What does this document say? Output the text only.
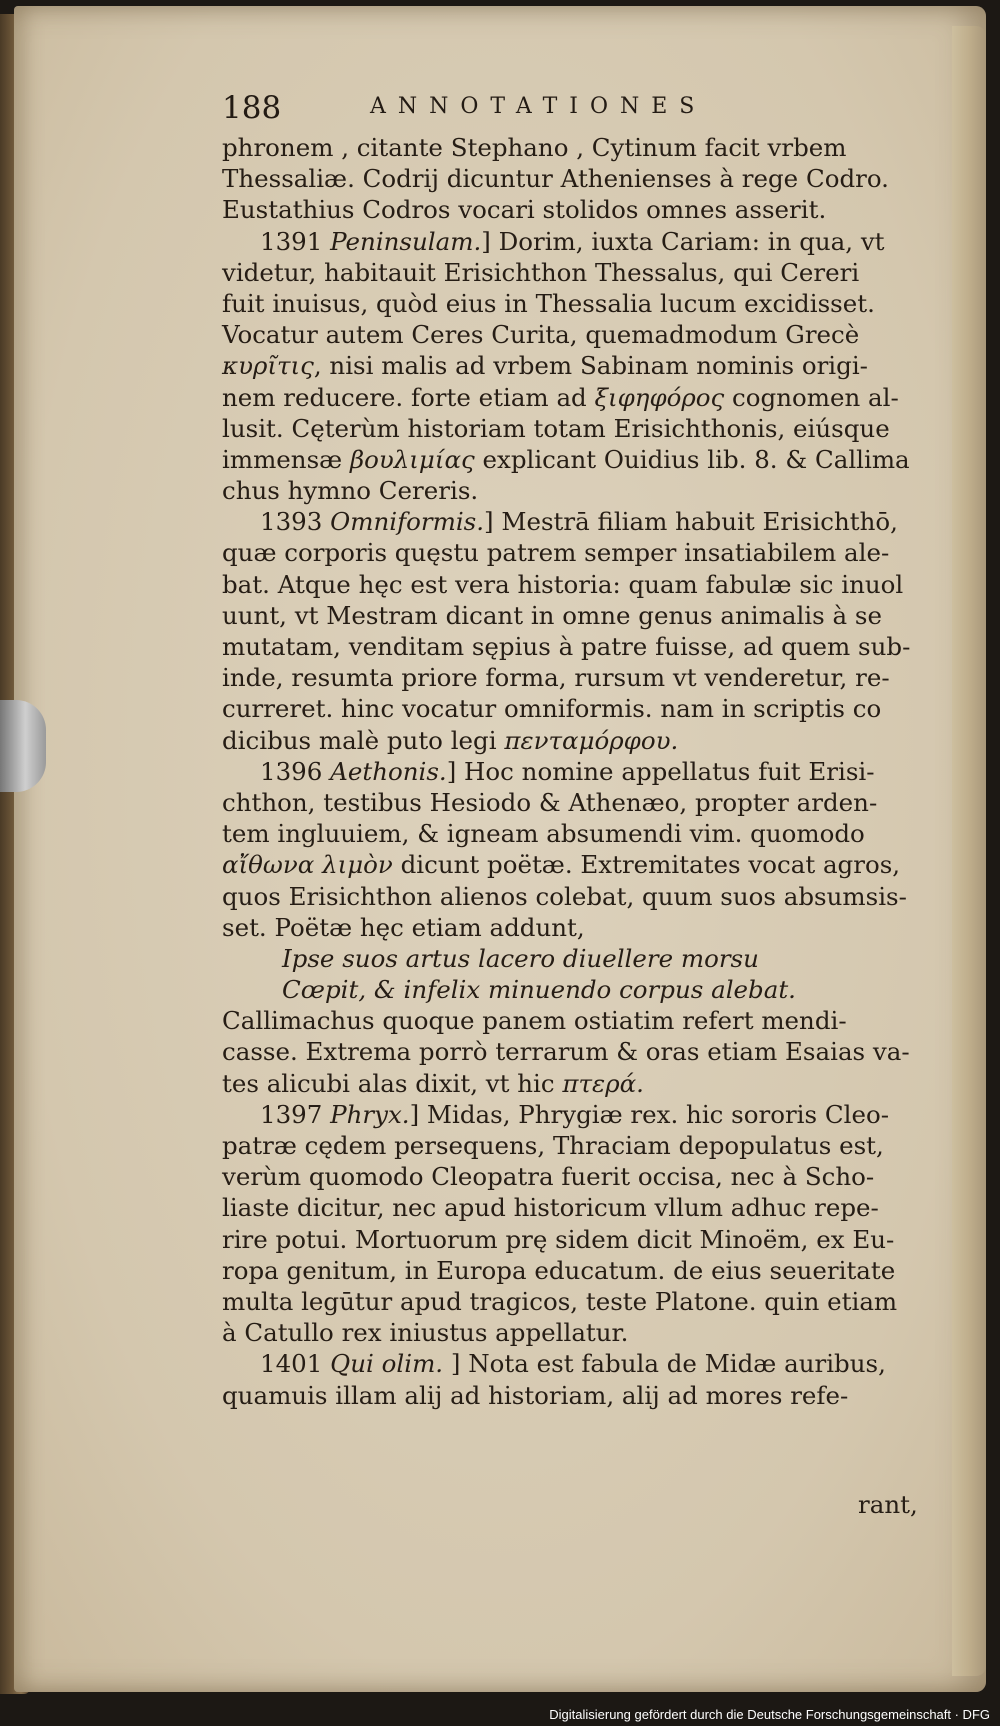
188	ANNOTATIONES
phronem , citante Stephano , Cytinum facit vrbem
Thessaliæ. Codrij dicuntur Athenienses à rege Codro.
Eustathius Codros vocari stolidos omnes asserit.
1391 Peninsulam.] Dorim, iuxta Cariam: in qua, vt
videtur, habitauit Erisichthon Thessalus, qui Cereri
fuit inuisus, quòd eius in Thessalia lucum excidisset.
Vocatur autem Ceres Curita, quemadmodum Grecè
κυρῖτις, nisi malis ad vrbem Sabinam nominis origi-
nem reducere. forte etiam ad ξιφηφόρος cognomen al-
lusit. Cęterùm historiam totam Erisichthonis, eiúsque
immensæ βουλιμίας explicant Ouidius lib. 8. & Callima
chus hymno Cereris.
1393 Omniformis.] Mestrā filiam habuit Erisichthō,
quæ corporis quęstu patrem semper insatiabilem ale-
bat. Atque hęc est vera historia: quam fabulæ sic inuol
uunt, vt Mestram dicant in omne genus animalis à se
mutatam, venditam sępius à patre fuisse, ad quem sub-
inde, resumta priore forma, rursum vt venderetur, re-
curreret. hinc vocatur omniformis. nam in scriptis co
dicibus malè puto legi πενταμόρφου.
1396 Aethonis.] Hoc nomine appellatus fuit Erisi-
chthon, testibus Hesiodo & Athenæo, propter arden-
tem ingluuiem, & igneam absumendi vim. quomodo
αἴθωνα λιμὸν dicunt poëtæ. Extremitates vocat agros,
quos Erisichthon alienos colebat, quum suos absumsis-
set. Poëtæ hęc etiam addunt,
Ipse suos artus lacero diuellere morsu
Cœpit, & infelix minuendo corpus alebat.
Callimachus quoque panem ostiatim refert mendi-
casse. Extrema porrò terrarum & oras etiam Esaias va-
tes alicubi alas dixit, vt hic πτερά.
1397 Phryx.] Midas, Phrygiæ rex. hic sororis Cleo-
patræ cędem persequens, Thraciam depopulatus est,
verùm quomodo Cleopatra fuerit occisa, nec à Scho-
liaste dicitur, nec apud historicum vllum adhuc repe-
rire potui. Mortuorum prę sidem dicit Minoëm, ex Eu-
ropa genitum, in Europa educatum. de eius seueritate
multa legūtur apud tragicos, teste Platone. quin etiam
à Catullo rex iniustus appellatur.
1401 Qui olim. ] Nota est fabula de Midæ auribus,
quamuis illam alij ad historiam, alij ad mores refe-
rant,
Digitalisierung gefördert durch die Deutsche Forschungsgemeinschaft · DFG
